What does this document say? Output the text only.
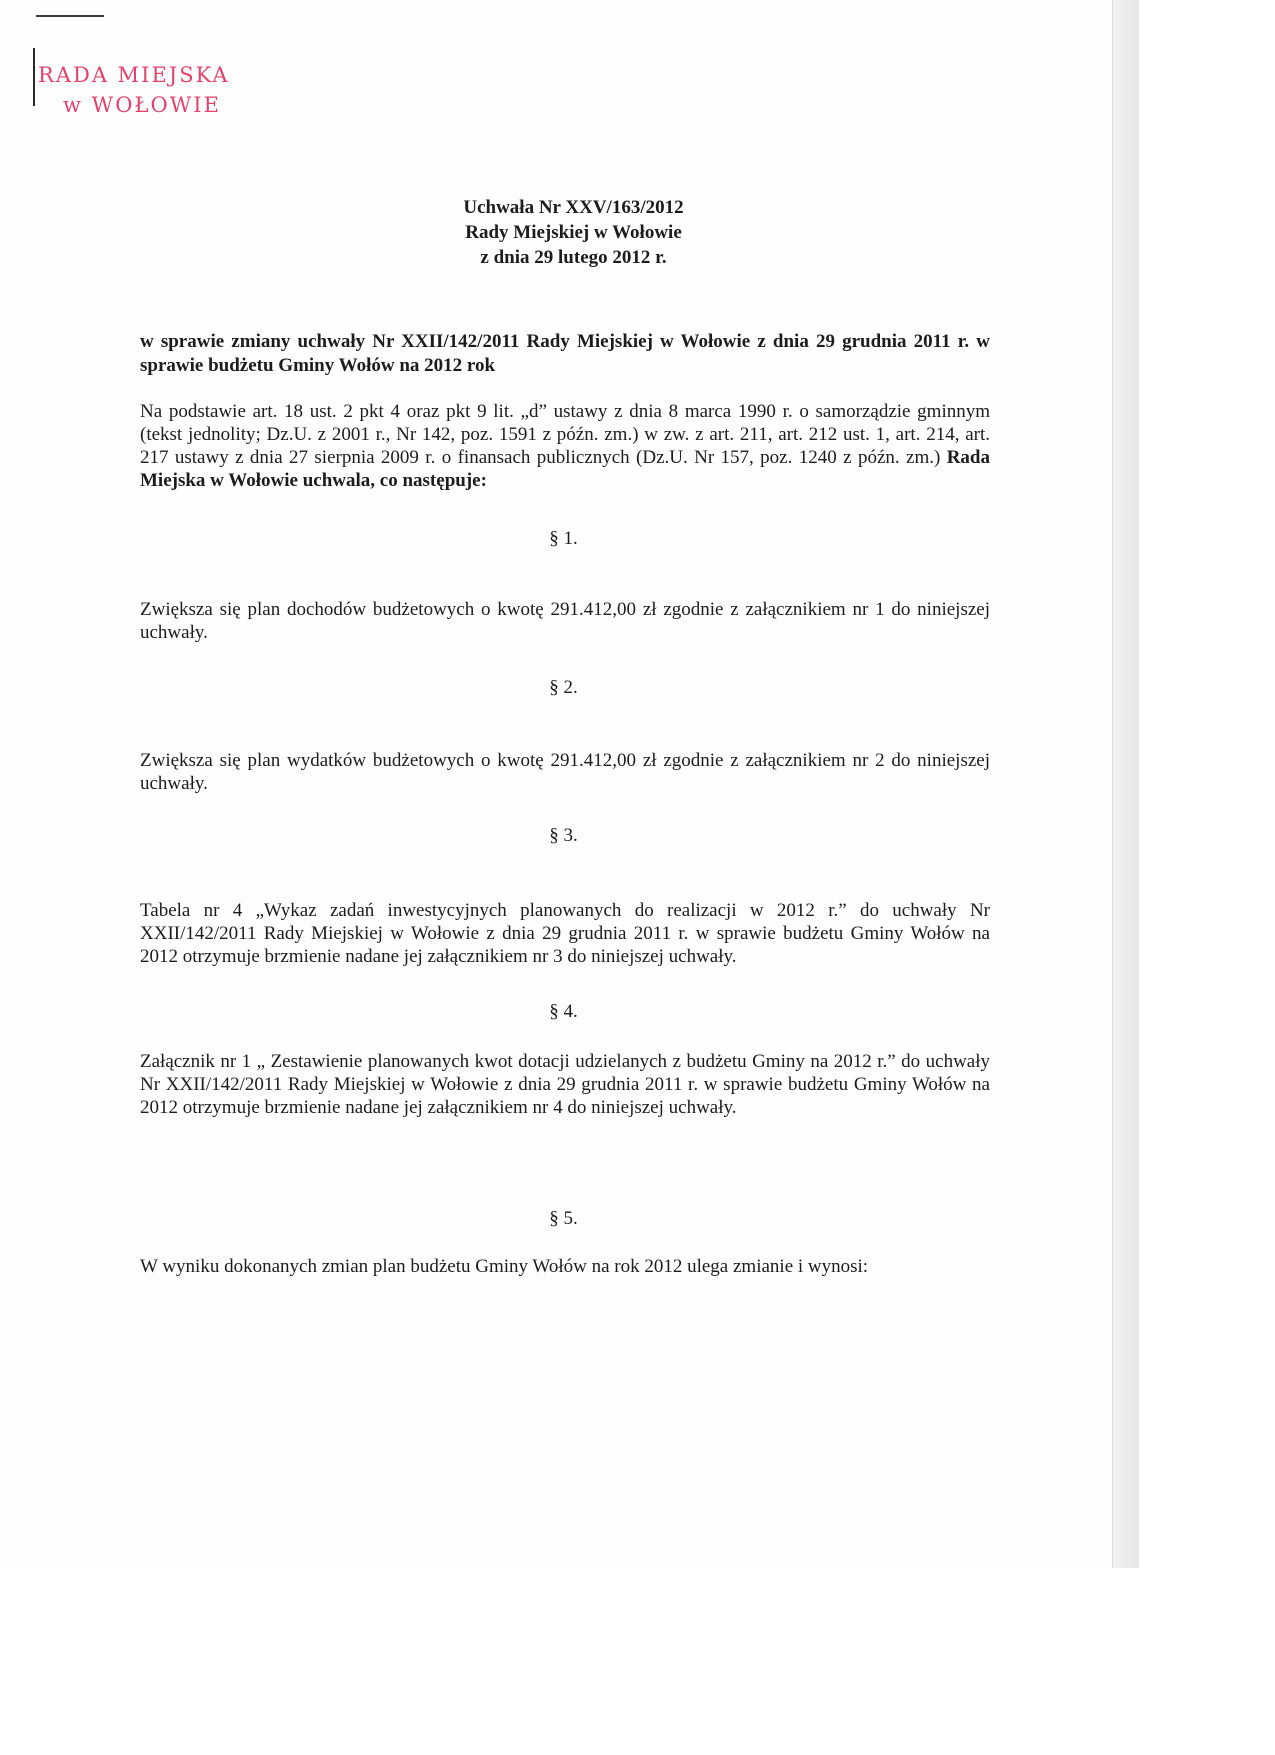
RADA MIEJSKA
w WOŁOWIE
Uchwała Nr XXV/163/2012
Rady Miejskiej w Wołowie
z dnia 29 lutego 2012 r.
w sprawie zmiany uchwały Nr XXII/142/2011 Rady Miejskiej w Wołowie z dnia 29 grudnia 2011 r. w sprawie budżetu Gminy Wołów na 2012 rok
Na podstawie art. 18 ust. 2 pkt 4 oraz pkt 9 lit. „d” ustawy z dnia 8 marca 1990 r. o samorządzie gminnym (tekst jednolity; Dz.U. z 2001 r., Nr 142, poz. 1591 z późn. zm.) w zw. z art. 211, art. 212 ust. 1, art. 214, art. 217 ustawy z dnia 27 sierpnia 2009 r. o finansach publicznych (Dz.U. Nr 157, poz. 1240 z późn. zm.) Rada Miejska w Wołowie uchwala, co następuje:
§ 1.
Zwiększa się plan dochodów budżetowych o kwotę 291.412,00 zł zgodnie z załącznikiem nr 1 do niniejszej uchwały.
§ 2.
Zwiększa się plan wydatków budżetowych o kwotę 291.412,00 zł zgodnie z załącznikiem nr 2 do niniejszej uchwały.
§ 3.
Tabela nr 4 „Wykaz zadań inwestycyjnych planowanych do realizacji w 2012 r.” do uchwały Nr XXII/142/2011 Rady Miejskiej w Wołowie z dnia 29 grudnia 2011 r. w sprawie budżetu Gminy Wołów na 2012 otrzymuje brzmienie nadane jej załącznikiem nr 3 do niniejszej uchwały.
§ 4.
Załącznik nr 1 „ Zestawienie planowanych kwot dotacji udzielanych z budżetu Gminy na 2012 r.” do uchwały Nr XXII/142/2011 Rady Miejskiej w Wołowie z dnia 29 grudnia 2011 r. w sprawie budżetu Gminy Wołów na 2012 otrzymuje brzmienie nadane jej załącznikiem nr 4 do niniejszej uchwały.
§ 5.
W wyniku dokonanych zmian plan budżetu Gminy Wołów na rok 2012 ulega zmianie i wynosi:
